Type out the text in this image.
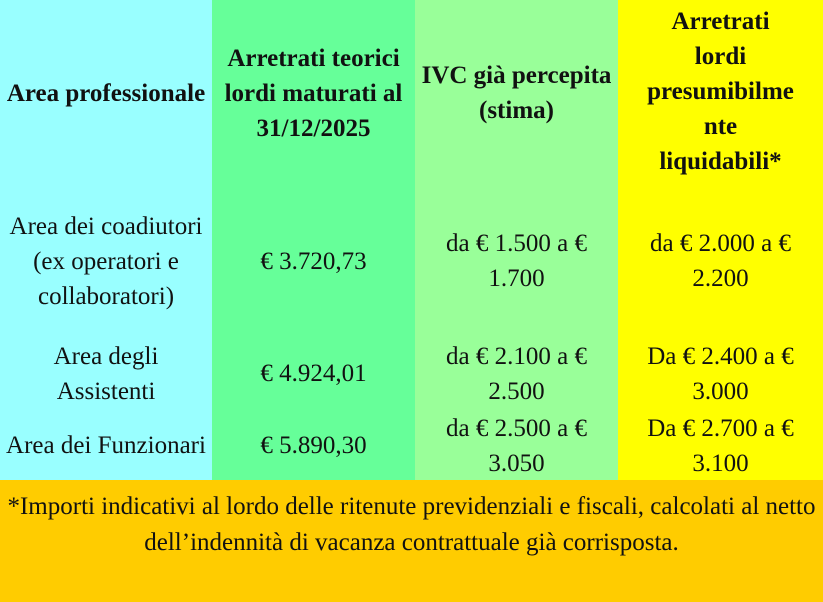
Area professionale
Arretrati teorici lordi maturati al 31/12/2025
IVC già percepita (stima)
Arretrati
lordi
presumibilme
nte
liquidabili*
Area dei coadiutori (ex operatori e collaboratori)
€ 3.720,73
da € 1.500 a € 1.700
da € 2.000 a € 2.200
Area degli Assistenti
€ 4.924,01
da € 2.100 a € 2.500
Da € 2.400 a € 3.000
Area dei Funzionari	€ 5.890,30
da € 2.500 a € 3.050
Da € 2.700 a € 3.100
*Importi indicativi al lordo delle ritenute previdenziali e fiscali, calcolati al netto dell’indennità di vacanza contrattuale già corrisposta.
